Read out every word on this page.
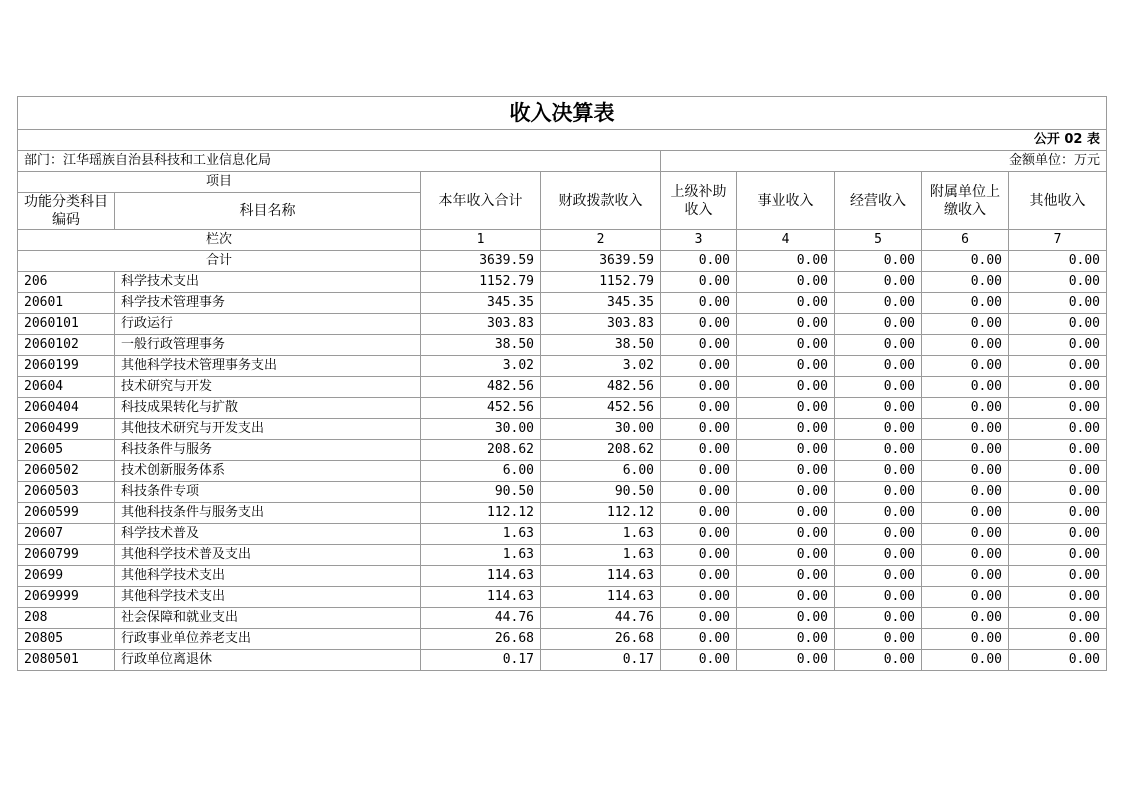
收入决算表								
公开 02 表								
部门：江华瑶族自治县科技和工业信息化局				金额单位：万元				
项目		本年收入合计	财政拨款收入	上级补助收入	事业收入	经营收入	附属单位上缴收入	其他收入
功能分类科目编码	科目名称							
栏次		1	2	3	4	5	6	7
合计		3639.59	3639.59	0.00	0.00	0.00	0.00	0.00
206	科学技术支出	1152.79	1152.79	0.00	0.00	0.00	0.00	0.00
20601	科学技术管理事务	345.35	345.35	0.00	0.00	0.00	0.00	0.00
2060101	行政运行	303.83	303.83	0.00	0.00	0.00	0.00	0.00
2060102	一般行政管理事务	38.50	38.50	0.00	0.00	0.00	0.00	0.00
2060199	其他科学技术管理事务支出	3.02	3.02	0.00	0.00	0.00	0.00	0.00
20604	技术研究与开发	482.56	482.56	0.00	0.00	0.00	0.00	0.00
2060404	科技成果转化与扩散	452.56	452.56	0.00	0.00	0.00	0.00	0.00
2060499	其他技术研究与开发支出	30.00	30.00	0.00	0.00	0.00	0.00	0.00
20605	科技条件与服务	208.62	208.62	0.00	0.00	0.00	0.00	0.00
2060502	技术创新服务体系	6.00	6.00	0.00	0.00	0.00	0.00	0.00
2060503	科技条件专项	90.50	90.50	0.00	0.00	0.00	0.00	0.00
2060599	其他科技条件与服务支出	112.12	112.12	0.00	0.00	0.00	0.00	0.00
20607	科学技术普及	1.63	1.63	0.00	0.00	0.00	0.00	0.00
2060799	其他科学技术普及支出	1.63	1.63	0.00	0.00	0.00	0.00	0.00
20699	其他科学技术支出	114.63	114.63	0.00	0.00	0.00	0.00	0.00
2069999	其他科学技术支出	114.63	114.63	0.00	0.00	0.00	0.00	0.00
208	社会保障和就业支出	44.76	44.76	0.00	0.00	0.00	0.00	0.00
20805	行政事业单位养老支出	26.68	26.68	0.00	0.00	0.00	0.00	0.00
2080501	行政单位离退休	0.17	0.17	0.00	0.00	0.00	0.00	0.00
